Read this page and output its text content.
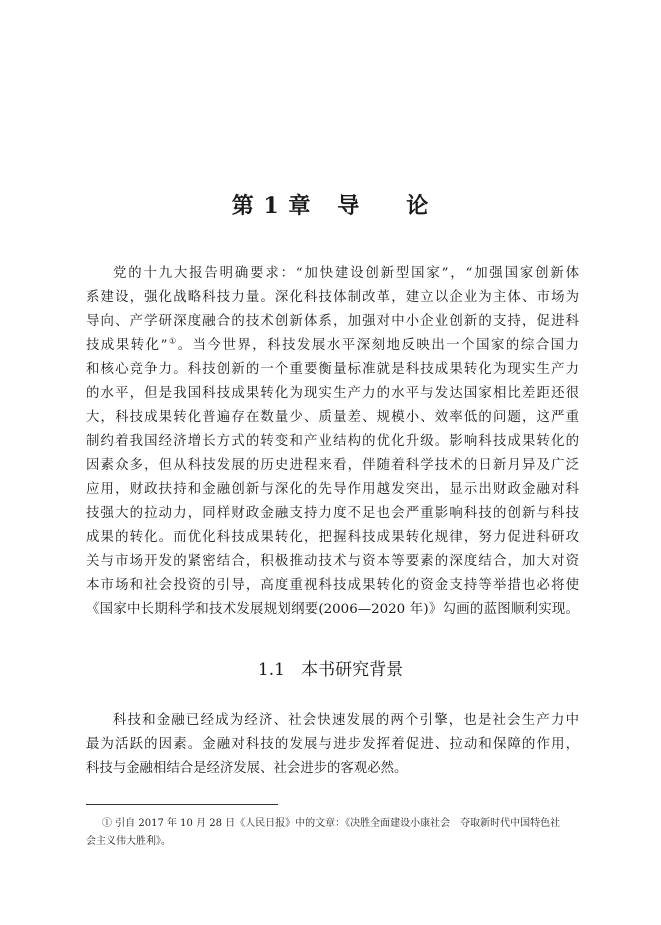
第 1 章   导　　论
党的十九大报告明确要求：“加快建设创新型国家”，“加强国家创新体
系建设，强化战略科技力量。深化科技体制改革，建立以企业为主体、市场为
导向、产学研深度融合的技术创新体系，加强对中小企业创新的支持，促进科
技成果转化”①。当今世界，科技发展水平深刻地反映出一个国家的综合国力
和核心竞争力。科技创新的一个重要衡量标准就是科技成果转化为现实生产力
的水平，但是我国科技成果转化为现实生产力的水平与发达国家相比差距还很
大，科技成果转化普遍存在数量少、质量差、规模小、效率低的问题，这严重
制约着我国经济增长方式的转变和产业结构的优化升级。影响科技成果转化的
因素众多，但从科技发展的历史进程来看，伴随着科学技术的日新月异及广泛
应用，财政扶持和金融创新与深化的先导作用越发突出，显示出财政金融对科
技强大的拉动力，同样财政金融支持力度不足也会严重影响科技的创新与科技
成果的转化。而优化科技成果转化，把握科技成果转化规律，努力促进科研攻
关与市场开发的紧密结合，积极推动技术与资本等要素的深度结合，加大对资
本市场和社会投资的引导，高度重视科技成果转化的资金支持等举措也必将使
《国家中长期科学和技术发展规划纲要(2006—2020 年)》勾画的蓝图顺利实现。
1.1   本书研究背景
科技和金融已经成为经济、社会快速发展的两个引擎，也是社会生产力中
最为活跃的因素。金融对科技的发展与进步发挥着促进、拉动和保障的作用，
科技与金融相结合是经济发展、社会进步的客观必然。
① 引自 2017 年 10 月 28 日《人民日报》中的文章：《决胜全面建设小康社会　夺取新时代中国特色社
会主义伟大胜利》。
